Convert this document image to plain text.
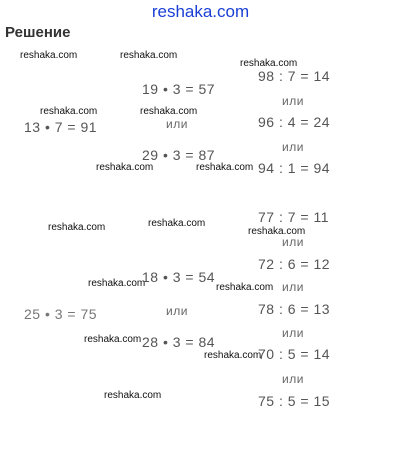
reshaka.com
Решение
reshaka.com	reshaka.com
reshaka.com
reshaka.com	reshaka.com
reshaka.com	reshaka.com
reshaka.com	reshaka.com
reshaka.com
reshaka.com	reshaka.com
reshaka.com
reshaka.com
reshaka.com
19 • 3 = 57
13 • 7 = 91	или
29 • 3 = 87
18 • 3 = 54
25 • 3 = 75	или
28 • 3 = 84
98 : 7 = 14
или
96 : 4 = 24
или
94 : 1 = 94
77 : 7 = 11
или
72 : 6 = 12
или
78 : 6 = 13
или
70 : 5 = 14
или
75 : 5 = 15
